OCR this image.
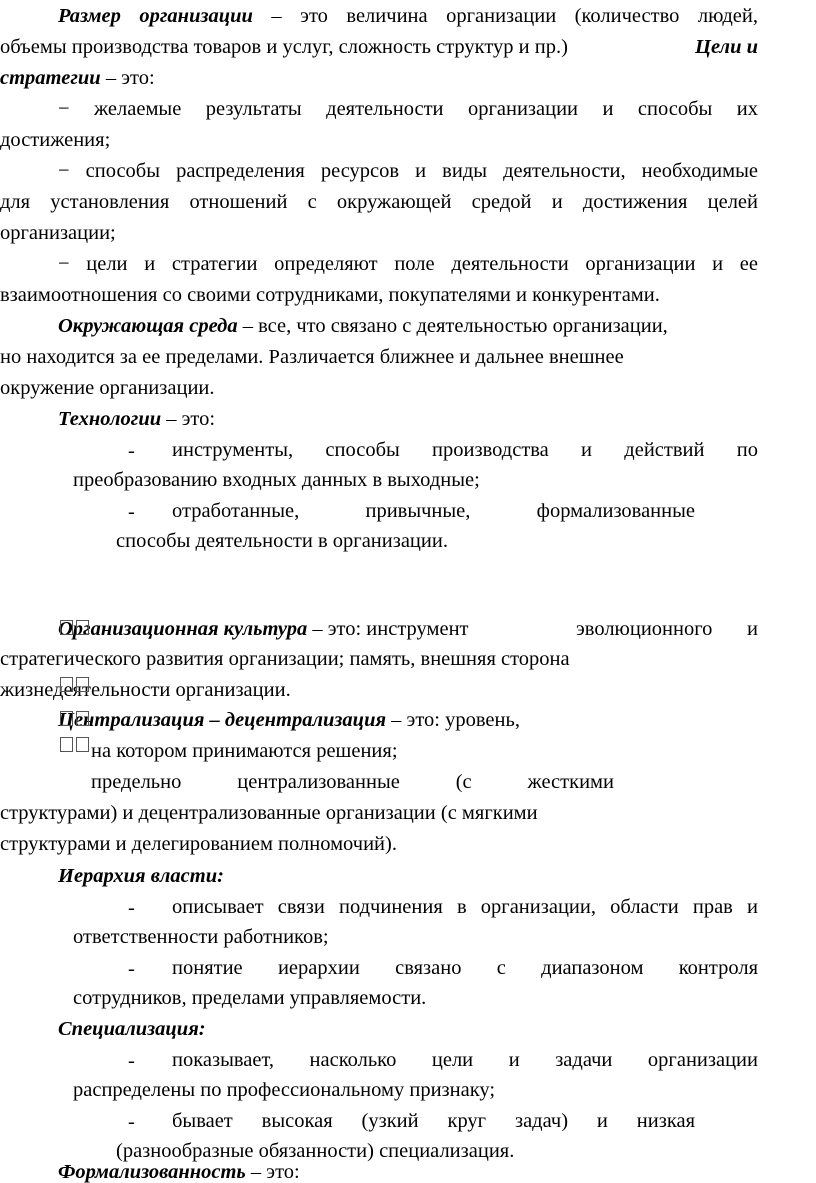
Размер организации – это величина организации (количество людей,
объемы производства товаров и услуг, сложность структур и пр.)	Цели и
стратегии – это:
− желаемые результаты деятельности организации и способы их
достижения;
− способы распределения ресурсов и виды деятельности, необходимые
для установления отношений с окружающей средой и достижения целей
организации;
− цели и стратегии определяют поле деятельности организации и ее
взаимоотношения со своими сотрудниками, покупателями и конкурентами.
Окружающая среда – все, что связано с деятельностью организации,
но находится за ее пределами. Различается ближнее и дальнее внешнее
окружение организации.
Технологии – это:
- инструменты, способы производства и действий по
преобразованию входных данных в выходные;
- отработанные, привычные, формализованные
способы деятельности в организации.
Организационная культура – это: инструмент	эволюционного и
стратегического развития организации; память, внешняя сторона
жизнедеятельности организации.
Централизация – децентрализация – это: уровень,
на котором принимаются решения;
предельно централизованные (с жесткими
структурами) и децентрализованные организации (с мягкими
структурами и делегированием полномочий).
Иерархия власти:
- описывает связи подчинения в организации, области прав и
ответственности работников;
- понятие иерархии связано с диапазоном контроля
сотрудников, пределами управляемости.
Специализация:
- показывает, насколько цели и задачи организации
распределены по профессиональному признаку;
- бывает высокая (узкий круг задач) и низкая
(разнообразные обязанности) специализация.
Формализованность – это:
